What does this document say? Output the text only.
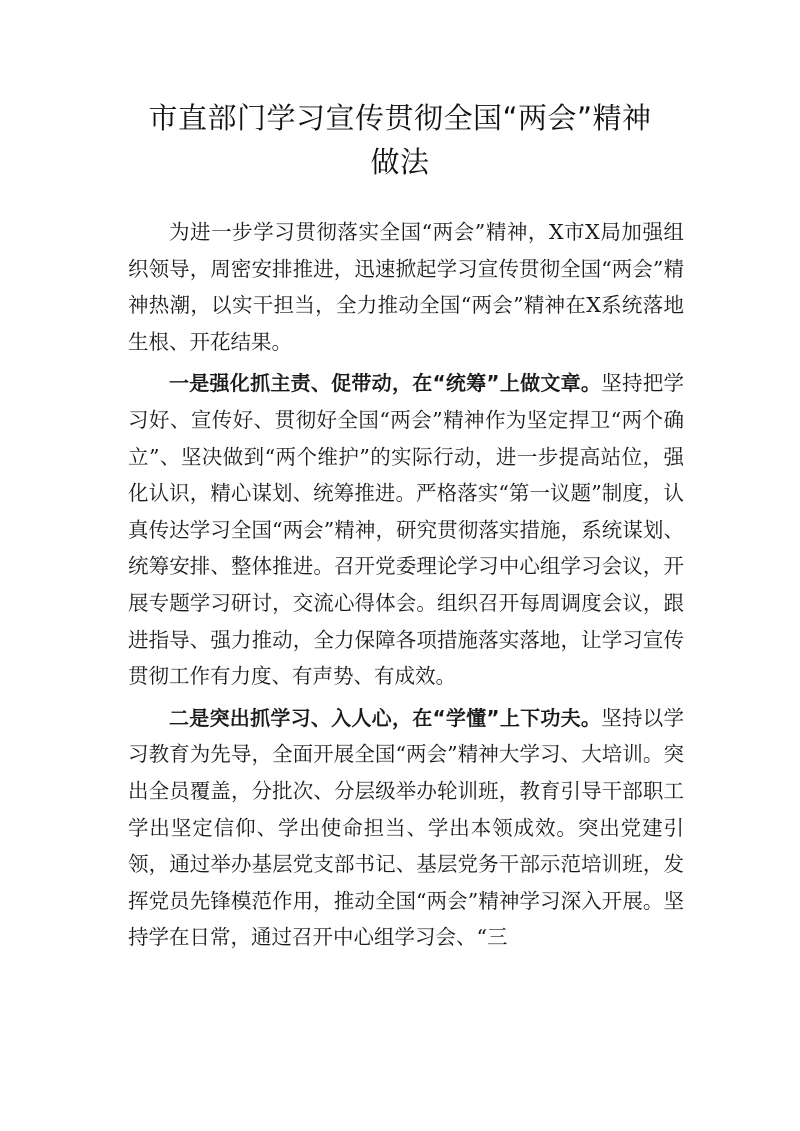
市直部门学习宣传贯彻全国“两会”精神
做法

为进一步学习贯彻落实全国“两会”精神，X市X局加强组织领导，周密安排推进，迅速掀起学习宣传贯彻全国“两会”精神热潮，以实干担当，全力推动全国“两会”精神在X系统落地生根、开花结果。

一是强化抓主责、促带动，在“统筹”上做文章。坚持把学习好、宣传好、贯彻好全国“两会”精神作为坚定捍卫“两个确立”、坚决做到“两个维护”的实际行动，进一步提高站位，强化认识，精心谋划、统筹推进。严格落实“第一议题”制度，认真传达学习全国“两会”精神，研究贯彻落实措施，系统谋划、统筹安排、整体推进。召开党委理论学习中心组学习会议，开展专题学习研讨，交流心得体会。组织召开每周调度会议，跟进指导、强力推动，全力保障各项措施落实落地，让学习宣传贯彻工作有力度、有声势、有成效。

二是突出抓学习、入人心，在“学懂”上下功夫。坚持以学习教育为先导，全面开展全国“两会”精神大学习、大培训。突出全员覆盖，分批次、分层级举办轮训班，教育引导干部职工学出坚定信仰、学出使命担当、学出本领成效。突出党建引领，通过举办基层党支部书记、基层党务干部示范培训班，发挥党员先锋模范作用，推动全国“两会”精神学习深入开展。坚持学在日常，通过召开中心组学习会、“三
